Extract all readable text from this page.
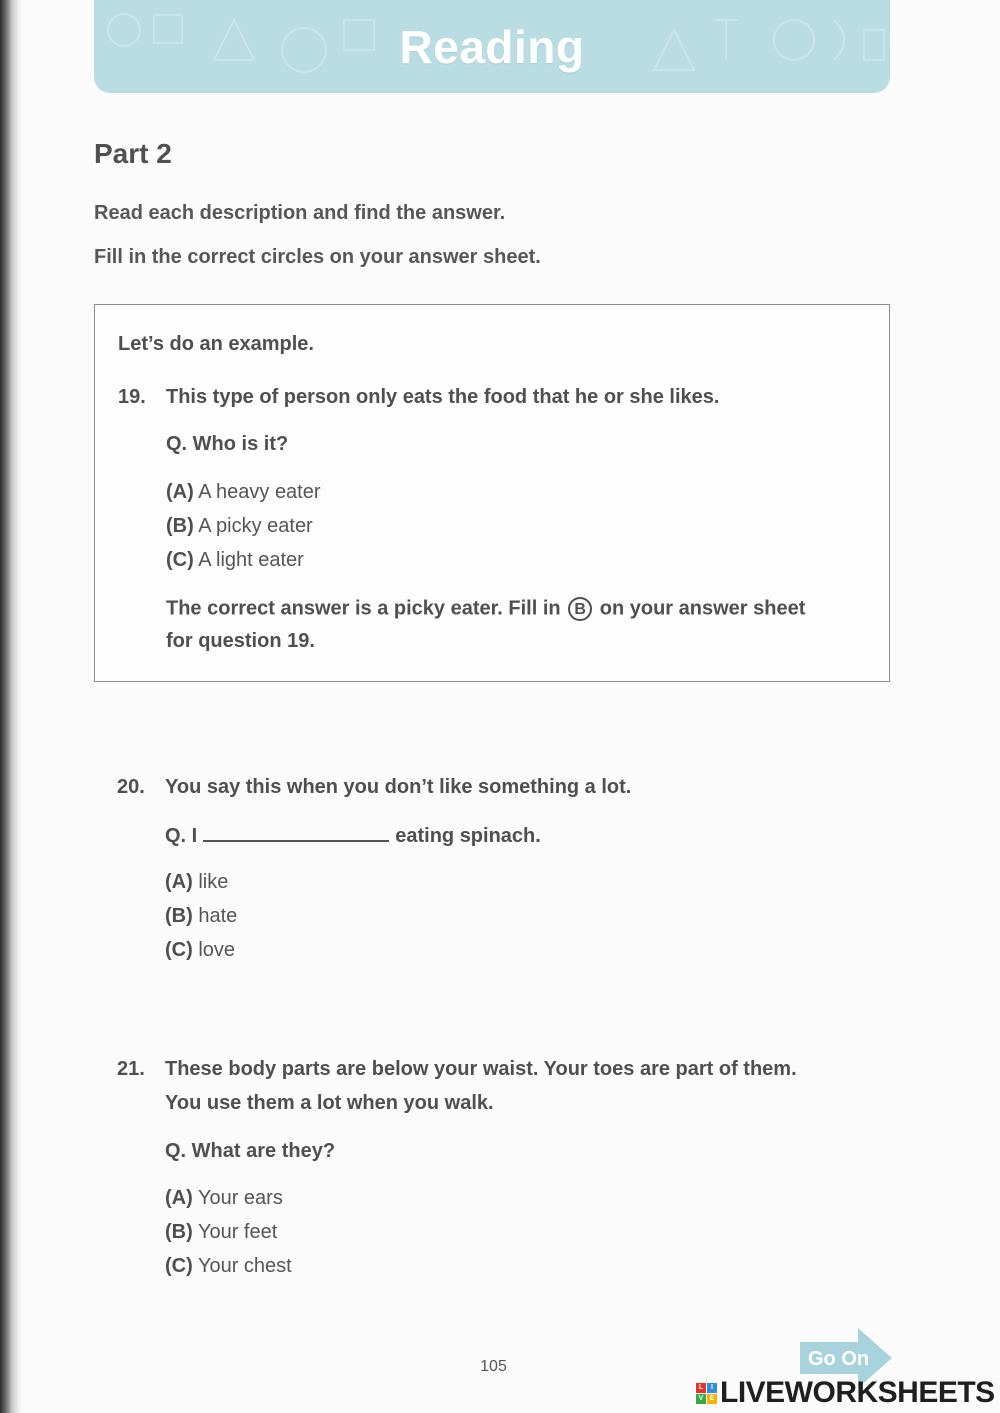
Reading
Part 2
Read each description and find the answer.
Fill in the correct circles on your answer sheet.
Let’s do an example.
19. This type of person only eats the food that he or she likes.
Q. Who is it?
(A) A heavy eater
(B) A picky eater
(C) A light eater
The correct answer is a picky eater. Fill in B on your answer sheet
for question 19.
20. You say this when you don’t like something a lot.
Q. I	eating spinach.
(A) like
(B) hate
(C) love
21. These body parts are below your waist. Your toes are part of them.
You use them a lot when you walk.
Q. What are they?
(A) Your ears
(B) Your feet
(C) Your chest
105	Go On
L	I
V E LIVEWORKSHEETS
